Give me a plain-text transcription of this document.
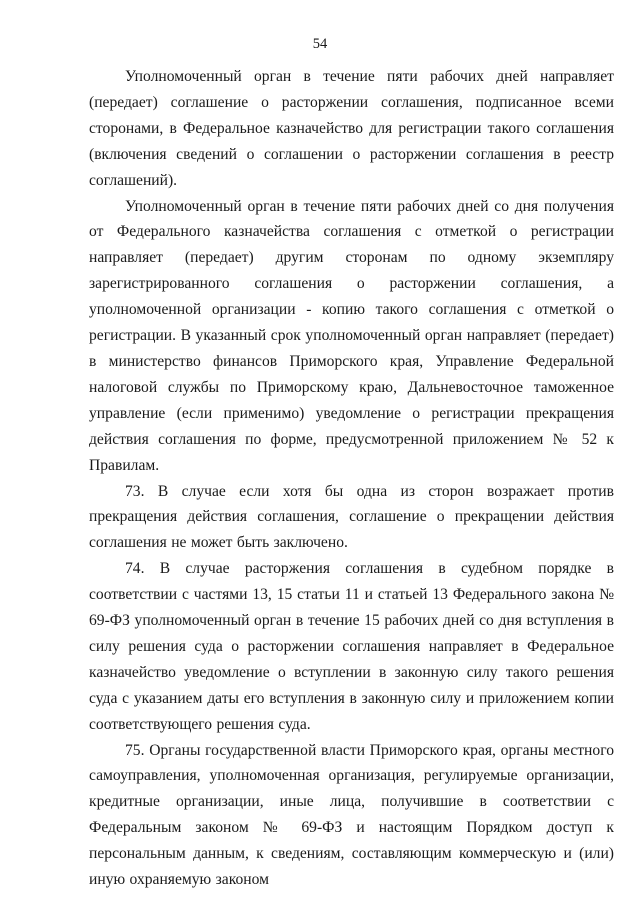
54

Уполномоченный орган в течение пяти рабочих дней направляет (передает) соглашение о расторжении соглашения, подписанное всеми сторонами, в Федеральное казначейство для регистрации такого соглашения (включения сведений о соглашении о расторжении соглашения в реестр соглашений).

Уполномоченный орган в течение пяти рабочих дней со дня получения от Федерального казначейства соглашения с отметкой о регистрации направляет (передает) другим сторонам по одному экземпляру зарегистрированного соглашения о расторжении соглашения, а уполномоченной организации - копию такого соглашения с отметкой о регистрации. В указанный срок уполномоченный орган направляет (передает) в министерство финансов Приморского края, Управление Федеральной налоговой службы по Приморскому краю, Дальневосточное таможенное управление (если применимо) уведомление о регистрации прекращения действия соглашения по форме, предусмотренной приложением № 52 к Правилам.

73. В случае если хотя бы одна из сторон возражает против прекращения действия соглашения, соглашение о прекращении действия соглашения не может быть заключено.

74. В случае расторжения соглашения в судебном порядке в соответствии с частями 13, 15 статьи 11 и статьей 13 Федерального закона № 69-ФЗ уполномоченный орган в течение 15 рабочих дней со дня вступления в силу решения суда о расторжении соглашения направляет в Федеральное казначейство уведомление о вступлении в законную силу такого решения суда с указанием даты его вступления в законную силу и приложением копии соответствующего решения суда.

75. Органы государственной власти Приморского края, органы местного самоуправления, уполномоченная организация, регулируемые организации, кредитные организации, иные лица, получившие в соответствии с Федеральным законом № 69-ФЗ и настоящим Порядком доступ к персональным данным, к сведениям, составляющим коммерческую и (или) иную охраняемую законом
